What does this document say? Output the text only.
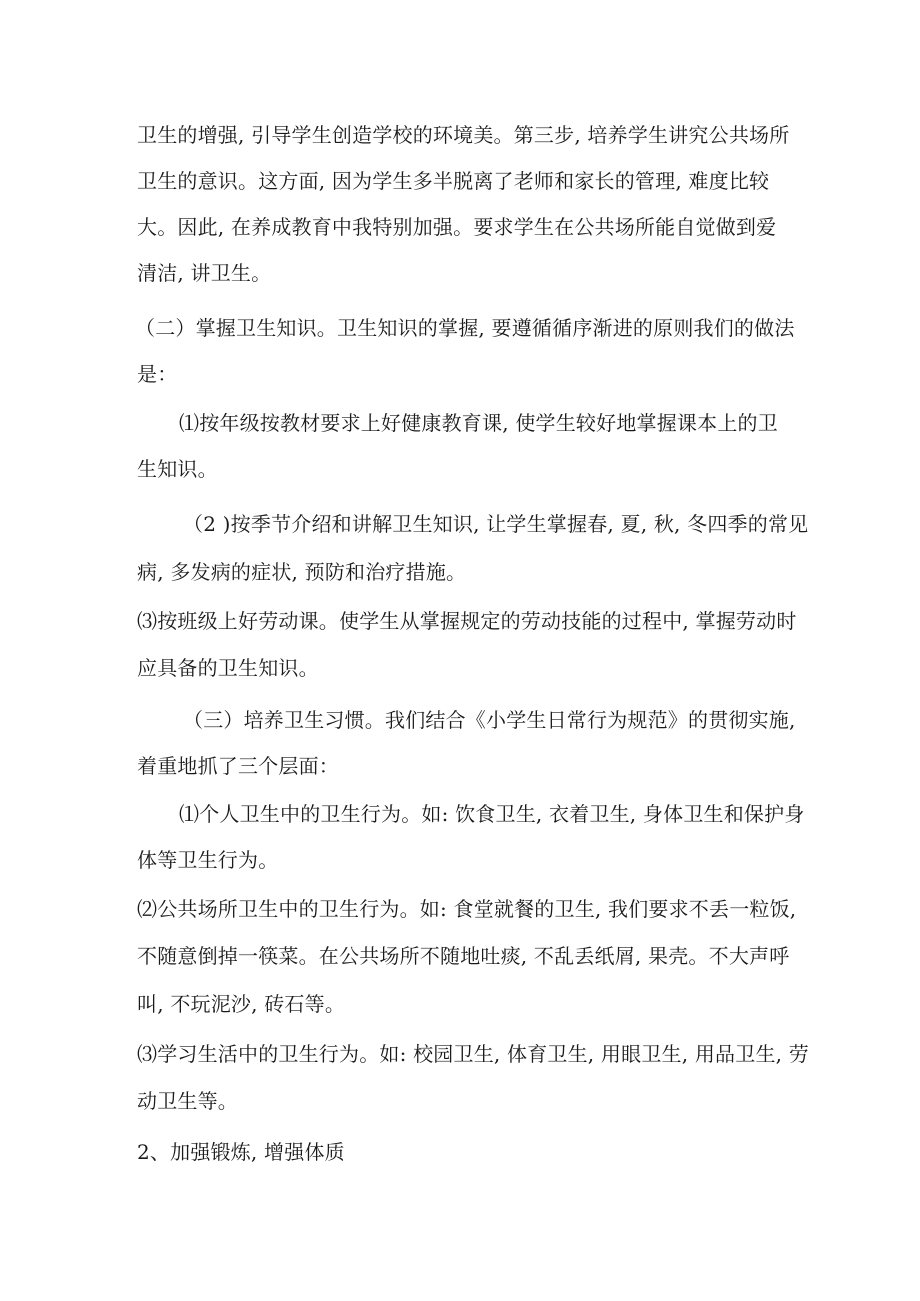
卫生的增强, 引导学生创造学校的环境美。第三步, 培养学生讲究公共场所
卫生的意识。这方面, 因为学生多半脱离了老师和家长的管理, 难度比较
大。因此, 在养成教育中我特别加强。要求学生在公共场所能自觉做到爱
清洁, 讲卫生。
（二）掌握卫生知识。卫生知识的掌握, 要遵循循序渐进的原则我们的做法
是：
⑴按年级按教材要求上好健康教育课, 使学生较好地掌握课本上的卫
生知识。
（2 )按季节介绍和讲解卫生知识, 让学生掌握春, 夏, 秋, 冬四季的常见
病, 多发病的症状, 预防和治疗措施。
⑶按班级上好劳动课。使学生从掌握规定的劳动技能的过程中, 掌握劳动时
应具备的卫生知识。
（三）培养卫生习惯。我们结合《小学生日常行为规范》的贯彻实施,
着重地抓了三个层面：
⑴个人卫生中的卫生行为。如: 饮食卫生, 衣着卫生, 身体卫生和保护身
体等卫生行为。
⑵公共场所卫生中的卫生行为。如: 食堂就餐的卫生, 我们要求不丢一粒饭,
不随意倒掉一筷菜。在公共场所不随地吐痰, 不乱丢纸屑, 果壳。不大声呼
叫, 不玩泥沙, 砖石等。
⑶学习生活中的卫生行为。如: 校园卫生, 体育卫生, 用眼卫生, 用品卫生, 劳
动卫生等。
2、加强锻炼, 增强体质
